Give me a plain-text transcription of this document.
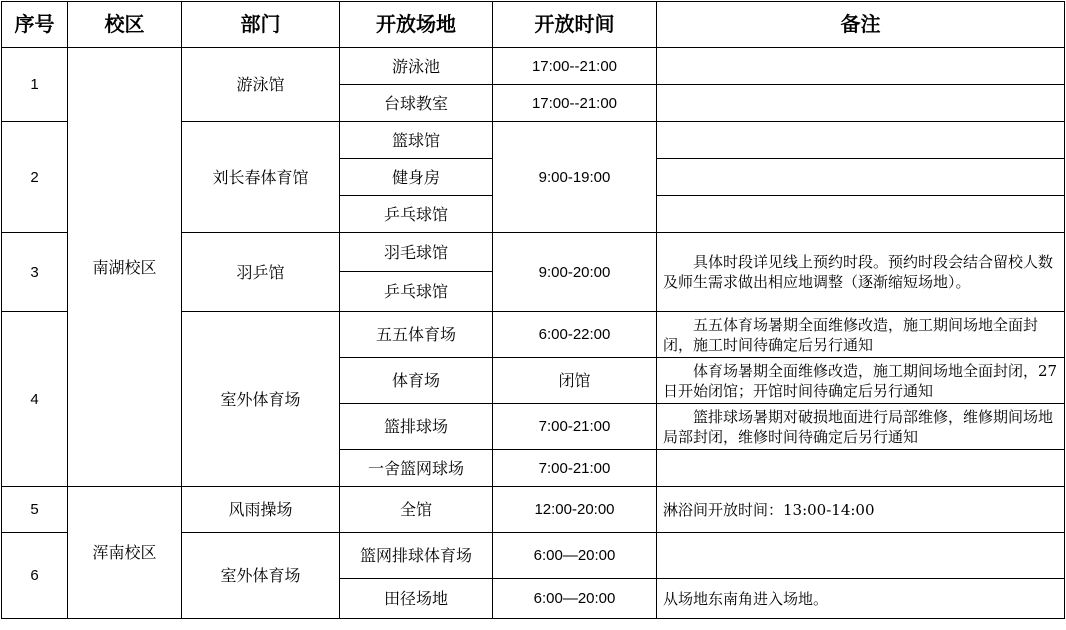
序号	校区	部门	开放场地	开放时间	备注
1	南湖校区	游泳馆	游泳池	17:00--21:00	
			台球教室	17:00--21:00	
2		刘长春体育馆	篮球馆	9:00-19:00	
			健身房		
			乒乓球馆		
3		羽乒馆	羽毛球馆	9:00-20:00	具体时段详见线上预约时段。预约时段会结合留校人数及师生需求做出相应地调整（逐渐缩短场地）。
			乒乓球馆		
4		室外体育场	五五体育场	6:00-22:00	五五体育场暑期全面维修改造，施工期间场地全面封闭，施工时间待确定后另行通知
			体育场	闭馆	体育场暑期全面维修改造，施工期间场地全面封闭，27日开始闭馆；开馆时间待确定后另行通知
			篮排球场	7:00-21:00	篮排球场暑期对破损地面进行局部维修，维修期间场地局部封闭，维修时间待确定后另行通知
			一舍篮网球场	7:00-21:00	
5	浑南校区	风雨操场	全馆	12:00-20:00	淋浴间开放时间：13:00-14:00
6		室外体育场	篮网排球体育场	6:00—20:00	
			田径场地	6:00—20:00	从场地东南角进入场地。
